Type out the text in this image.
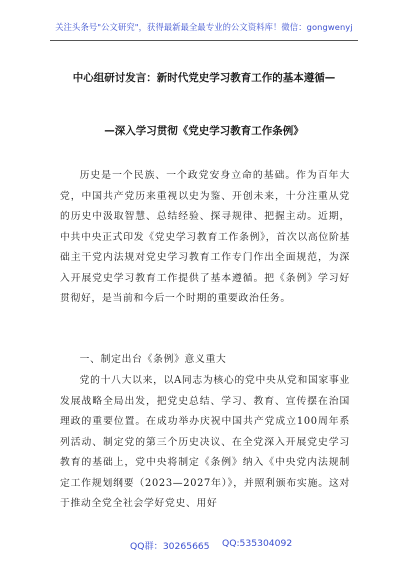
关注头条号"公文研究"，获得最新最全最专业的公文资料库！微信：gongwenyj
中心组研讨发言：新时代党史学习教育工作的基本遵循—
—深入学习贯彻《党史学习教育工作条例》
历史是一个民族、一个政党安身立命的基础。作为百年大党，中国共产党历来重视以史为鉴、开创未来，十分注重从党的历史中汲取智慧、总结经验、探寻规律、把握主动。近期，中共中央正式印发《党史学习教育工作条例》，首次以高位阶基础主干党内法规对党史学习教育工作专门作出全面规范，为深入开展党史学习教育工作提供了基本遵循。把《条例》学习好贯彻好，是当前和今后一个时期的重要政治任务。
一、制定出台《条例》意义重大
党的十八大以来，以A同志为核心的党中央从党和国家事业发展战略全局出发，把党史总结、学习、教育、宣传摆在治国理政的重要位置。在成功举办庆祝中国共产党成立100周年系列活动、制定党的第三个历史决议、在全党深入开展党史学习教育的基础上，党中央将制定《条例》纳入《中央党内法规制定工作规划纲要（2023—2027年）》，并照利颁布实施。这对于推动全党全社会学好党史、用好
QQ群：30265665 QQ:535304092
